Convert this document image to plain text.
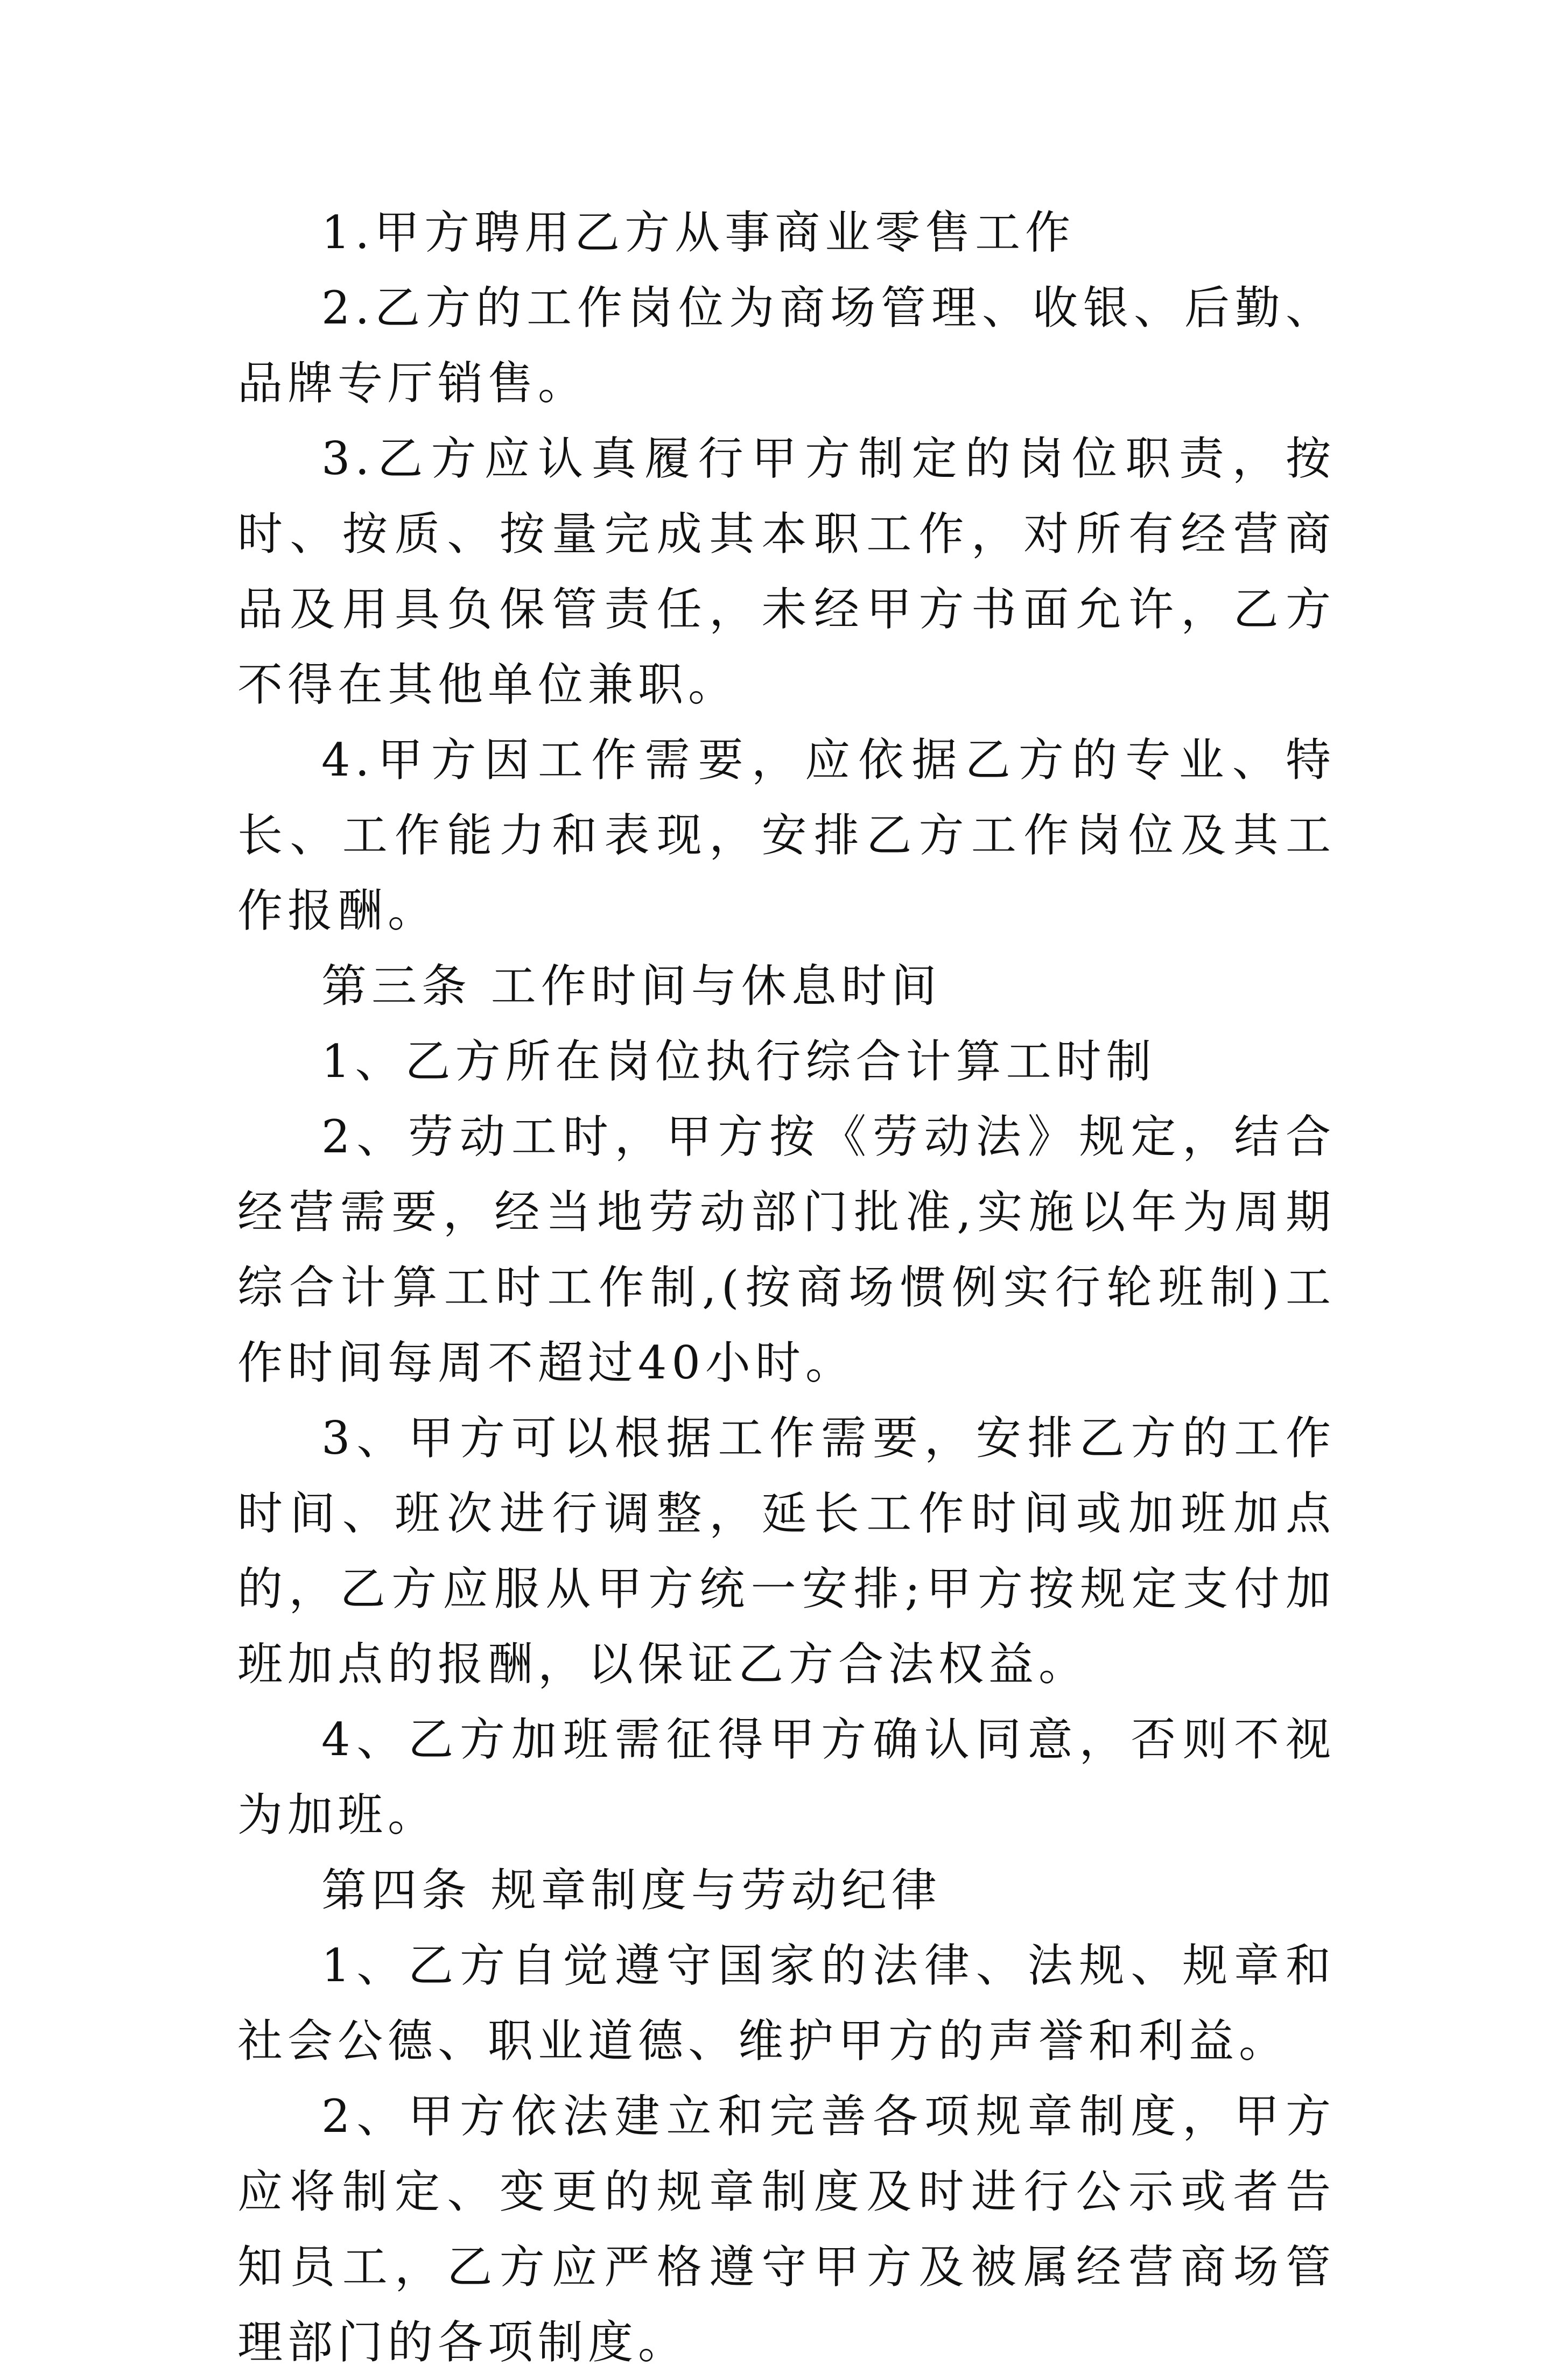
1.甲方聘用乙方从事商业零售工作

2.乙方的工作岗位为商场管理、收银、后勤、品牌专厅销售。

3.乙方应认真履行甲方制定的岗位职责，按时、按质、按量完成其本职工作，对所有经营商品及用具负保管责任，未经甲方书面允许，乙方不得在其他单位兼职。

4.甲方因工作需要，应依据乙方的专业、特长、工作能力和表现，安排乙方工作岗位及其工作报酬。

第三条 工作时间与休息时间

1、乙方所在岗位执行综合计算工时制

2、劳动工时，甲方按《劳动法》规定，结合经营需要，经当地劳动部门批准,实施以年为周期综合计算工时工作制,(按商场惯例实行轮班制)工作时间每周不超过40小时。

3、甲方可以根据工作需要，安排乙方的工作时间、班次进行调整，延长工作时间或加班加点的，乙方应服从甲方统一安排;甲方按规定支付加班加点的报酬，以保证乙方合法权益。

4、乙方加班需征得甲方确认同意，否则不视为加班。

第四条 规章制度与劳动纪律

1、乙方自觉遵守国家的法律、法规、规章和社会公德、职业道德、维护甲方的声誉和利益。

2、甲方依法建立和完善各项规章制度，甲方应将制定、变更的规章制度及时进行公示或者告知员工，乙方应严格遵守甲方及被属经营商场管理部门的各项制度。
